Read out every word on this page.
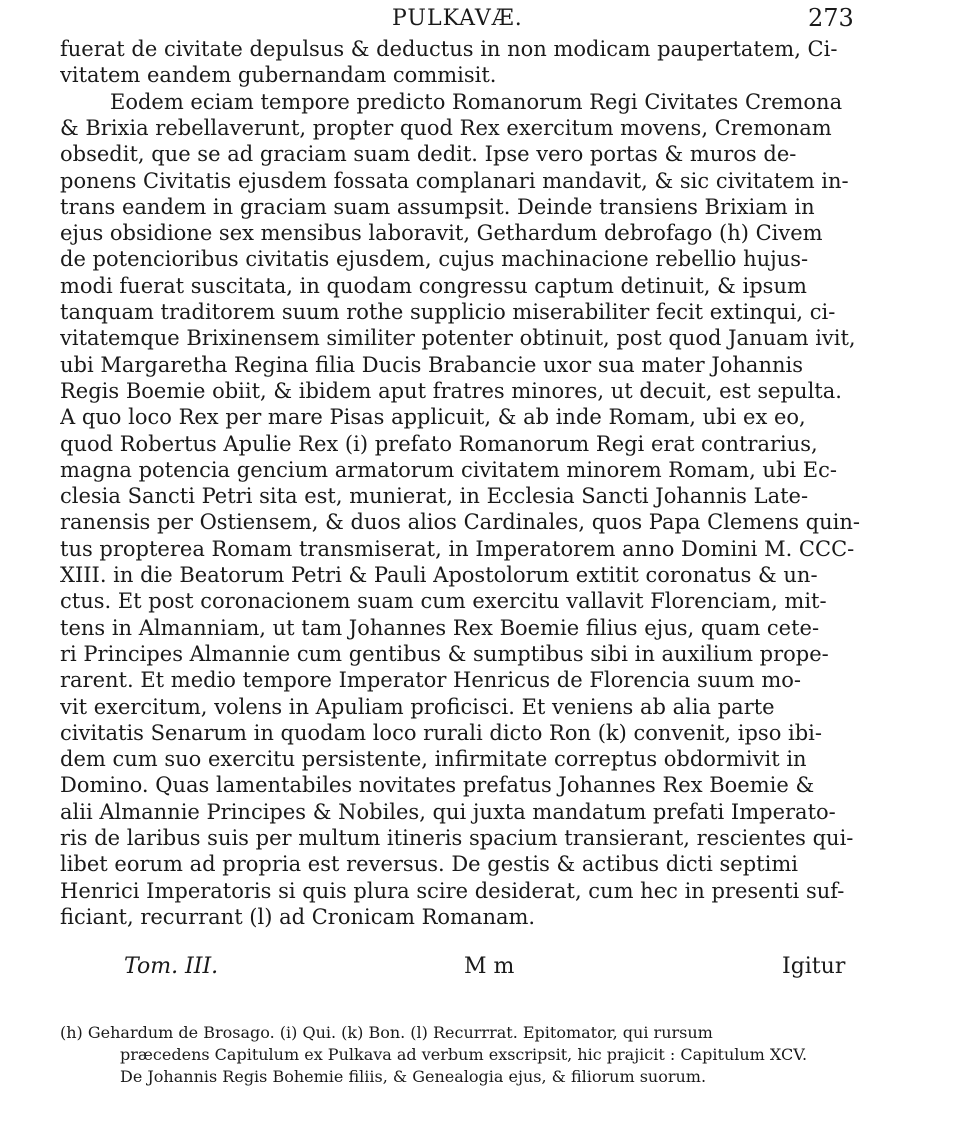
PULKAVÆ.	273
fuerat de civitate depulsus & deductus in non modicam paupertatem, Ci-
vitatem eandem gubernandam commisit.
Eodem eciam tempore predicto Romanorum Regi Civitates Cremona
& Brixia rebellaverunt, propter quod Rex exercitum movens, Cremonam
obsedit, que se ad graciam suam dedit. Ipse vero portas & muros de-
ponens Civitatis ejusdem fossata complanari mandavit, & sic civitatem in-
trans eandem in graciam suam assumpsit. Deinde transiens Brixiam in
ejus obsidione sex mensibus laboravit, Gethardum debrofago (h) Civem
de potencioribus civitatis ejusdem, cujus machinacione rebellio hujus-
modi fuerat suscitata, in quodam congressu captum detinuit, & ipsum
tanquam traditorem suum rothe supplicio miserabiliter fecit extinqui, ci-
vitatemque Brixinensem similiter potenter obtinuit, post quod Januam ivit,
ubi Margaretha Regina filia Ducis Brabancie uxor sua mater Johannis
Regis Boemie obiit, & ibidem aput fratres minores, ut decuit, est sepulta.
A quo loco Rex per mare Pisas applicuit, & ab inde Romam, ubi ex eo,
quod Robertus Apulie Rex (i) prefato Romanorum Regi erat contrarius,
magna potencia gencium armatorum civitatem minorem Romam, ubi Ec-
clesia Sancti Petri sita est, munierat, in Ecclesia Sancti Johannis Late-
ranensis per Ostiensem, & duos alios Cardinales, quos Papa Clemens quin-
tus propterea Romam transmiserat, in Imperatorem anno Domini M. CCC-
XIII. in die Beatorum Petri & Pauli Apostolorum extitit coronatus & un-
ctus. Et post coronacionem suam cum exercitu vallavit Florenciam, mit-
tens in Almanniam, ut tam Johannes Rex Boemie filius ejus, quam cete-
ri Principes Almannie cum gentibus & sumptibus sibi in auxilium prope-
rarent. Et medio tempore Imperator Henricus de Florencia suum mo-
vit exercitum, volens in Apuliam proficisci. Et veniens ab alia parte
civitatis Senarum in quodam loco rurali dicto Ron (k) convenit, ipso ibi-
dem cum suo exercitu persistente, infirmitate correptus obdormivit in
Domino. Quas lamentabiles novitates prefatus Johannes Rex Boemie &
alii Almannie Principes & Nobiles, qui juxta mandatum prefati Imperato-
ris de laribus suis per multum itineris spacium transierant, rescientes qui-
libet eorum ad propria est reversus. De gestis & actibus dicti septimi
Henrici Imperatoris si quis plura scire desiderat, cum hec in presenti suf-
ficiant, recurrant (l) ad Cronicam Romanam.
Tom. III.	M m	Igitur
(h) Gehardum de Brosago. (i) Qui. (k) Bon. (l) Recurrrat. Epitomator, qui rursum
præcedens Capitulum ex Pulkava ad verbum exscripsit, hic prajicit : Capitulum XCV.
De Johannis Regis Bohemie filiis, & Genealogia ejus, & filiorum suorum.
